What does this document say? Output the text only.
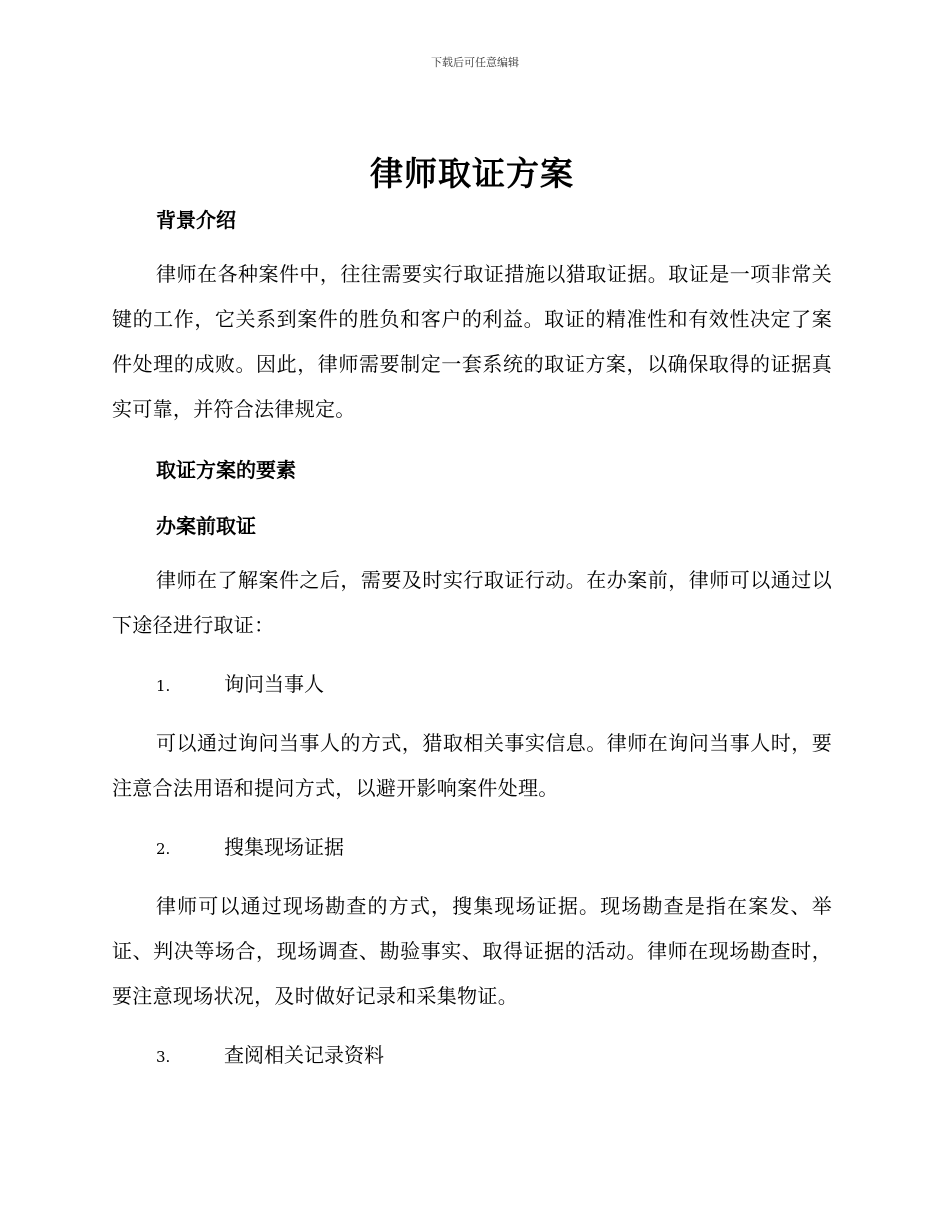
下载后可任意编辑
律师取证方案
背景介绍

律师在各种案件中，往往需要实行取证措施以猎取证据。取证是一项非常关键的工作，它关系到案件的胜负和客户的利益。取证的精准性和有效性决定了案件处理的成败。因此，律师需要制定一套系统的取证方案，以确保取得的证据真实可靠，并符合法律规定。

取证方案的要素
办案前取证

律师在了解案件之后，需要及时实行取证行动。在办案前，律师可以通过以下途径进行取证：

1.	询问当事人

可以通过询问当事人的方式，猎取相关事实信息。律师在询问当事人时，要注意合法用语和提问方式，以避开影响案件处理。

2.	搜集现场证据

律师可以通过现场勘查的方式，搜集现场证据。现场勘查是指在案发、举证、判决等场合，现场调查、勘验事实、取得证据的活动。律师在现场勘查时，要注意现场状况，及时做好记录和采集物证。

3.	查阅相关记录资料
